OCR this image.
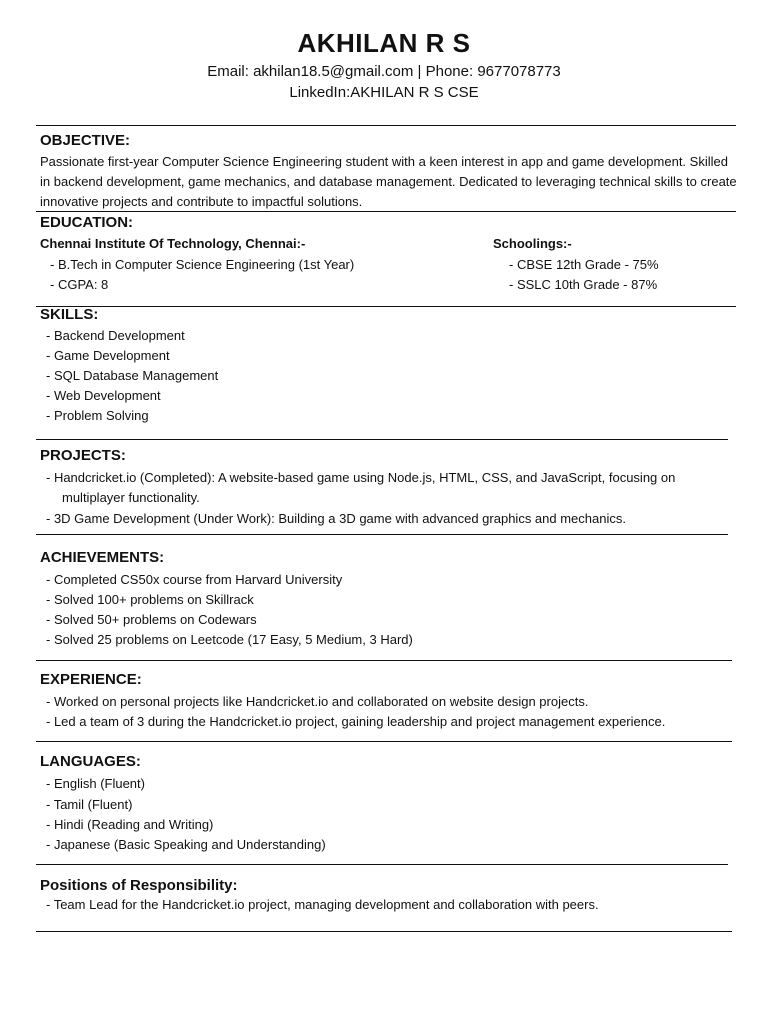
AKHILAN R S
Email: akhilan18.5@gmail.com | Phone: 9677078773
LinkedIn:AKHILAN R S CSE
OBJECTIVE:
Passionate first-year Computer Science Engineering student with a keen interest in app and game development. Skilled in backend development, game mechanics, and database management. Dedicated to leveraging technical skills to create innovative projects and contribute to impactful solutions.
EDUCATION:
Chennai Institute Of Technology, Chennai:-
- B.Tech in Computer Science Engineering (1st Year)
- CGPA: 8
Schoolings:-
- CBSE 12th Grade - 75%
- SSLC 10th Grade - 87%
SKILLS:
- Backend Development
- Game Development
- SQL Database Management
- Web Development
- Problem Solving
PROJECTS:
- Handcricket.io (Completed): A website-based game using Node.js, HTML, CSS, and JavaScript, focusing on
multiplayer functionality.
- 3D Game Development (Under Work): Building a 3D game with advanced graphics and mechanics.
ACHIEVEMENTS:
- Completed CS50x course from Harvard University
- Solved 100+ problems on Skillrack
- Solved 50+ problems on Codewars
- Solved 25 problems on Leetcode (17 Easy, 5 Medium, 3 Hard)
EXPERIENCE:
- Worked on personal projects like Handcricket.io and collaborated on website design projects.
- Led a team of 3 during the Handcricket.io project, gaining leadership and project management experience.
LANGUAGES:
- English (Fluent)
- Tamil (Fluent)
- Hindi (Reading and Writing)
- Japanese (Basic Speaking and Understanding)
Positions of Responsibility:
- Team Lead for the Handcricket.io project, managing development and collaboration with peers.
